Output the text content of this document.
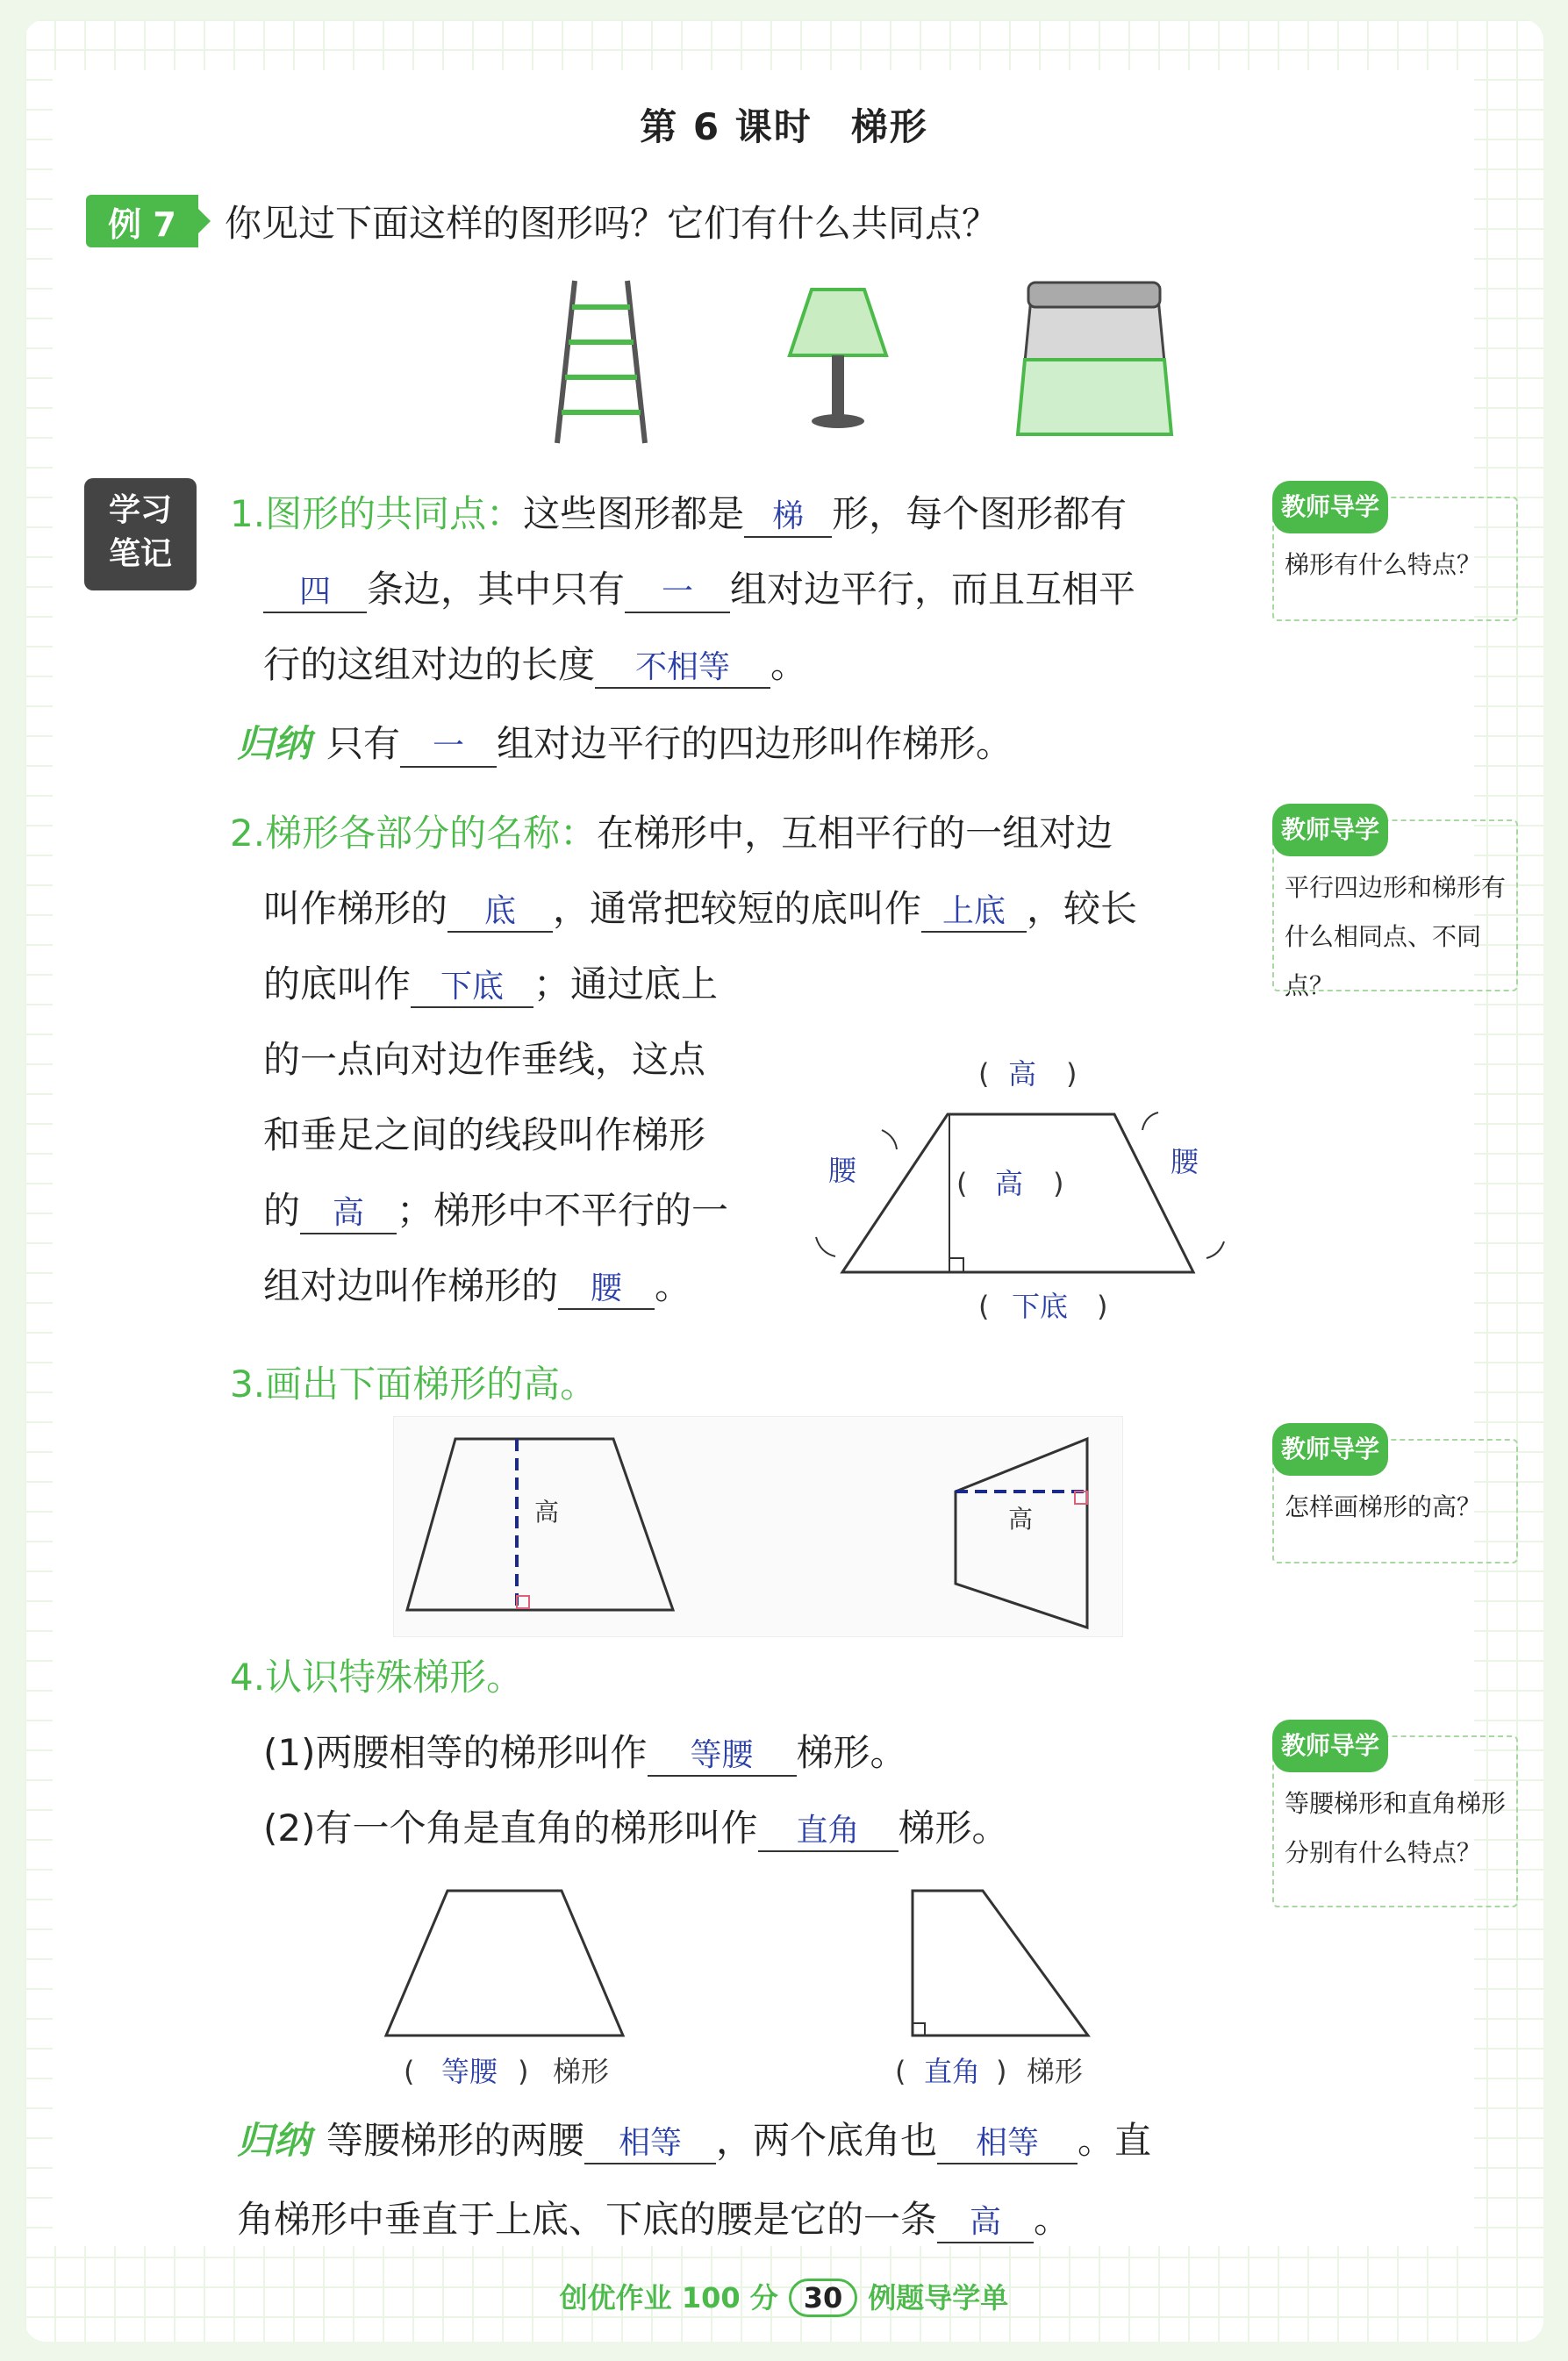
第 6 课时 梯形
例 7	你见过下面这样的图形吗？它们有什么共同点？
学习
笔记
1.图形的共同点：这些图形都是 梯 形，每个图形都有
四 条边，其中只有 一 组对边平行，而且互相平
行的这组对边的长度 不相等 。
归纳 只有 一 组对边平行的四边形叫作梯形。
2.梯形各部分的名称：在梯形中，互相平行的一组对边
叫作梯形的 底 ，通常把较短的底叫作 上底 ，较长
的底叫作 下底 ；通过底上
的一点向对边作垂线，这点
和垂足之间的线段叫作梯形
的 高 ；梯形中不平行的一
组对边叫作梯形的 腰 。
(	)
高
(	)
高
(	)
下底
腰	腰
3.画出下面梯形的高。
高	高
4.认识特殊梯形。
(1)两腰相等的梯形叫作 等腰 梯形。
(2)有一个角是直角的梯形叫作 直角 梯形。
(	)
等腰 梯形	(	)
直角 梯形
归纳 等腰梯形的两腰 相等 ，两个底角也 相等 。直
角梯形中垂直于上底、下底的腰是它的一条 高 。
教师导学
梯形有什么特点？
教师导学
平行四边形和梯形有什么相同点、不同点？
教师导学
怎样画梯形的高？
教师导学
等腰梯形和直角梯形分别有什么特点？
创优作业 100 分 30 例题导学单
